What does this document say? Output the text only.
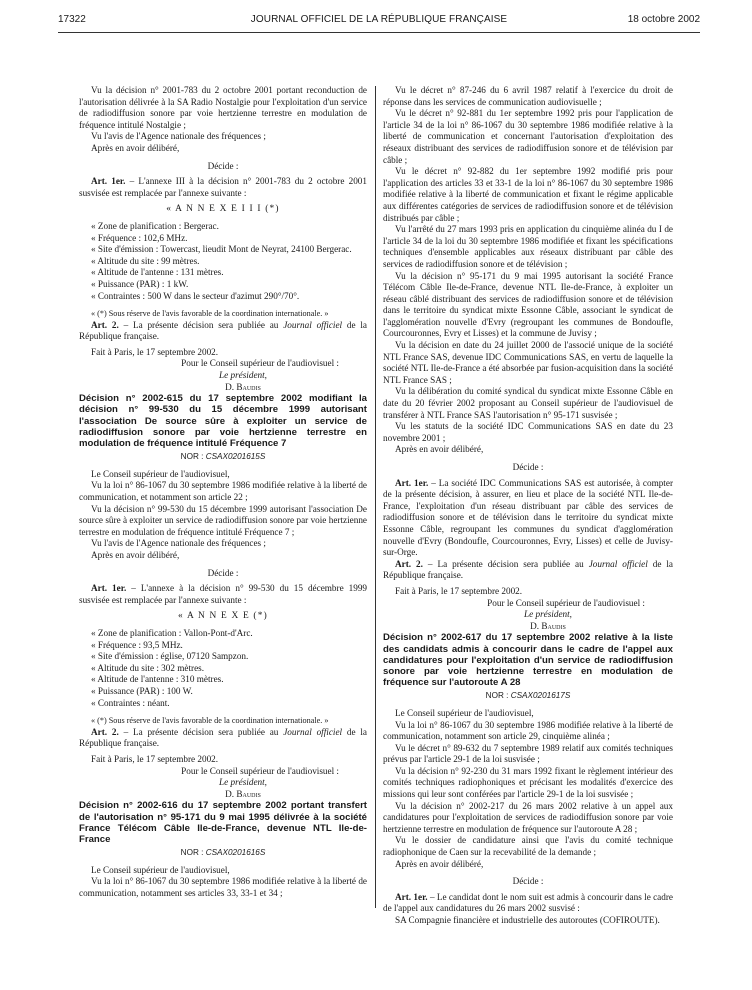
17322	JOURNAL OFFICIEL DE LA RÉPUBLIQUE FRANÇAISE	18 octobre 2002

Vu la décision n° 2001-783 du 2 octobre 2001 portant reconduction de l'autorisation délivrée à la SA Radio Nostalgie pour l'exploitation d'un service de radiodiffusion sonore par voie hertzienne terrestre en modulation de fréquence intitulé Nostalgie ;

Vu l'avis de l'Agence nationale des fréquences ;

Après en avoir délibéré,

Décide :

Art. 1er. – L'annexe III à la décision n° 2001-783 du 2 octobre 2001 susvisée est remplacée par l'annexe suivante :

« A N N E X E I I I (*)

« Zone de planification : Bergerac.

« Fréquence : 102,6 MHz.

« Site d'émission : Towercast, lieudit Mont de Neyrat, 24100 Bergerac.

« Altitude du site : 99 mètres.

« Altitude de l'antenne : 131 mètres.

« Puissance (PAR) : 1 kW.

« Contraintes : 500 W dans le secteur d'azimut 290°/70°.

« (*) Sous réserve de l'avis favorable de la coordination internationale. »

Art. 2. – La présente décision sera publiée au Journal officiel de la République française.

Fait à Paris, le 17 septembre 2002.

Pour le Conseil supérieur de l'audiovisuel :

Le président,

D. Baudis

Décision n° 2002-615 du 17 septembre 2002 modifiant la décision n° 99-530 du 15 décembre 1999 autorisant l'association De source sûre à exploiter un service de radiodiffusion sonore par voie hertzienne terrestre en modulation de fréquence intitulé Fréquence 7

NOR : CSAX0201615S

Le Conseil supérieur de l'audiovisuel,

Vu la loi n° 86-1067 du 30 septembre 1986 modifiée relative à la liberté de communication, et notamment son article 22 ;

Vu la décision n° 99-530 du 15 décembre 1999 autorisant l'association De source sûre à exploiter un service de radiodiffusion sonore par voie hertzienne terrestre en modulation de fréquence intitulé Fréquence 7 ;

Vu l'avis de l'Agence nationale des fréquences ;

Après en avoir délibéré,

Décide :

Art. 1er. – L'annexe à la décision n° 99-530 du 15 décembre 1999 susvisée est remplacée par l'annexe suivante :

« A N N E X E (*)

« Zone de planification : Vallon-Pont-d'Arc.

« Fréquence : 93,5 MHz.

« Site d'émission : église, 07120 Sampzon.

« Altitude du site : 302 mètres.

« Altitude de l'antenne : 310 mètres.

« Puissance (PAR) : 100 W.

« Contraintes : néant.

« (*) Sous réserve de l'avis favorable de la coordination internationale. »

Art. 2. – La présente décision sera publiée au Journal officiel de la République française.

Fait à Paris, le 17 septembre 2002.

Pour le Conseil supérieur de l'audiovisuel :

Le président,

D. Baudis

Décision n° 2002-616 du 17 septembre 2002 portant transfert de l'autorisation n° 95-171 du 9 mai 1995 délivrée à la société France Télécom Câble Ile-de-France, devenue NTL Ile-de-France

NOR : CSAX0201616S

Le Conseil supérieur de l'audiovisuel,

Vu la loi n° 86-1067 du 30 septembre 1986 modifiée relative à la liberté de communication, notamment ses articles 33, 33-1 et 34 ;

Vu le décret n° 87-246 du 6 avril 1987 relatif à l'exercice du droit de réponse dans les services de communication audiovisuelle ;

Vu le décret n° 92-881 du 1er septembre 1992 pris pour l'application de l'article 34 de la loi n° 86-1067 du 30 septembre 1986 modifiée relative à la liberté de communication et concernant l'autorisation d'exploitation des réseaux distribuant des services de radiodiffusion sonore et de télévision par câble ;

Vu le décret n° 92-882 du 1er septembre 1992 modifié pris pour l'application des articles 33 et 33-1 de la loi n° 86-1067 du 30 septembre 1986 modifiée relative à la liberté de communication et fixant le régime applicable aux différentes catégories de services de radiodiffusion sonore et de télévision distribués par câble ;

Vu l'arrêté du 27 mars 1993 pris en application du cinquième alinéa du I de l'article 34 de la loi du 30 septembre 1986 modifiée et fixant les spécifications techniques d'ensemble applicables aux réseaux distribuant par câble des services de radiodiffusion sonore et de télévision ;

Vu la décision n° 95-171 du 9 mai 1995 autorisant la société France Télécom Câble Ile-de-France, devenue NTL Ile-de-France, à exploiter un réseau câblé distribuant des services de radiodiffusion sonore et de télévision dans le territoire du syndicat mixte Essonne Câble, associant le syndicat de l'agglomération nouvelle d'Evry (regroupant les communes de Bondoufle, Courcouronnes, Evry et Lisses) et la commune de Juvisy ;

Vu la décision en date du 24 juillet 2000 de l'associé unique de la société NTL France SAS, devenue IDC Communications SAS, en vertu de laquelle la société NTL Ile-de-France a été absorbée par fusion-acquisition dans la société NTL France SAS ;

Vu la délibération du comité syndical du syndicat mixte Essonne Câble en date du 20 février 2002 proposant au Conseil supérieur de l'audiovisuel de transférer à NTL France SAS l'autorisation n° 95-171 susvisée ;

Vu les statuts de la société IDC Communications SAS en date du 23 novembre 2001 ;

Après en avoir délibéré,

Décide :

Art. 1er. – La société IDC Communications SAS est autorisée, à compter de la présente décision, à assurer, en lieu et place de la société NTL Ile-de-France, l'exploitation d'un réseau distribuant par câble des services de radiodiffusion sonore et de télévision dans le territoire du syndicat mixte Essonne Câble, regroupant les communes du syndicat d'agglomération nouvelle d'Evry (Bondoufle, Courcouronnes, Evry, Lisses) et celle de Juvisy-sur-Orge.

Art. 2. – La présente décision sera publiée au Journal officiel de la République française.

Fait à Paris, le 17 septembre 2002.

Pour le Conseil supérieur de l'audiovisuel :

Le président,

D. Baudis

Décision n° 2002-617 du 17 septembre 2002 relative à la liste des candidats admis à concourir dans le cadre de l'appel aux candidatures pour l'exploitation d'un service de radiodiffusion sonore par voie hertzienne terrestre en modulation de fréquence sur l'autoroute A 28

NOR : CSAX0201617S

Le Conseil supérieur de l'audiovisuel,

Vu la loi n° 86-1067 du 30 septembre 1986 modifiée relative à la liberté de communication, notamment son article 29, cinquième alinéa ;

Vu le décret n° 89-632 du 7 septembre 1989 relatif aux comités techniques prévus par l'article 29-1 de la loi susvisée ;

Vu la décision n° 92-230 du 31 mars 1992 fixant le règlement intérieur des comités techniques radiophoniques et précisant les modalités d'exercice des missions qui leur sont conférées par l'article 29-1 de la loi susvisée ;

Vu la décision n° 2002-217 du 26 mars 2002 relative à un appel aux candidatures pour l'exploitation de services de radiodiffusion sonore par voie hertzienne terrestre en modulation de fréquence sur l'autoroute A 28 ;

Vu le dossier de candidature ainsi que l'avis du comité technique radiophonique de Caen sur la recevabilité de la demande ;

Après en avoir délibéré,

Décide :

Art. 1er. – Le candidat dont le nom suit est admis à concourir dans le cadre de l'appel aux candidatures du 26 mars 2002 susvisé :

SA Compagnie financière et industrielle des autoroutes (COFIROUTE).
